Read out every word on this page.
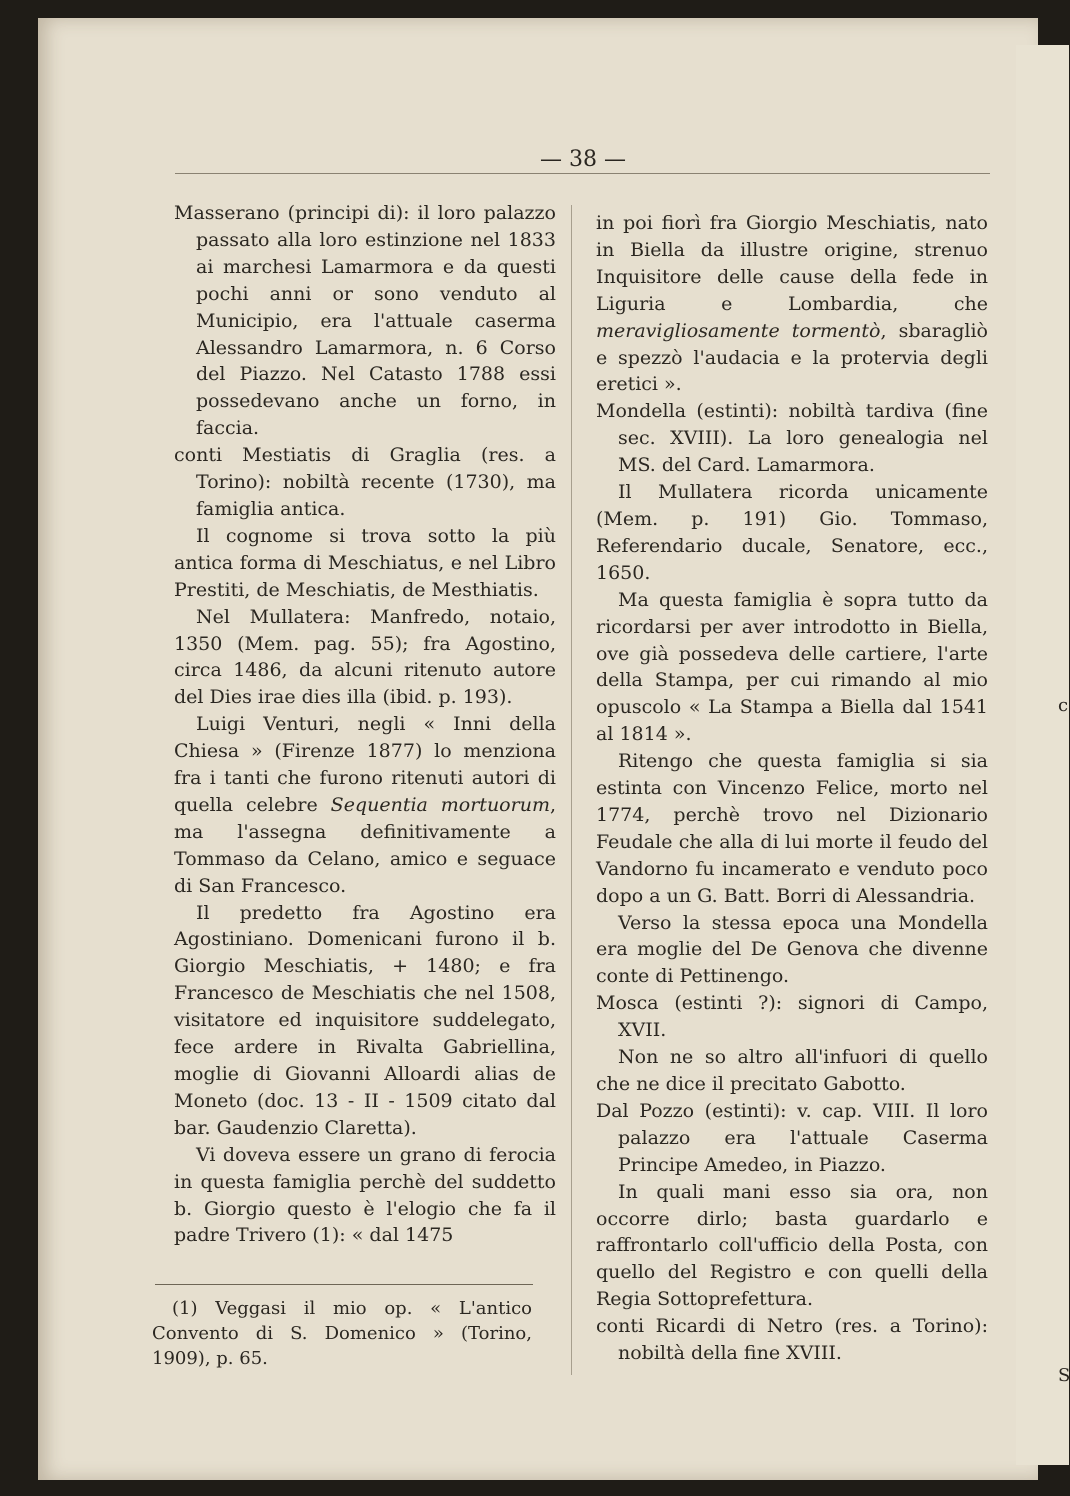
c
S
— 38 —

Masserano (principi di): il loro palazzo passato alla loro estinzione nel 1833 ai marchesi Lamarmora e da questi pochi anni or sono venduto al Municipio, era l'attuale caserma Alessandro Lamarmora, n. 6 Corso del Piazzo. Nel Catasto 1788 essi possedevano anche un forno, in faccia.

conti Mestiatis di Graglia (res. a Torino): nobiltà recente (1730), ma famiglia antica.

Il cognome si trova sotto la più antica forma di Meschiatus, e nel Libro Prestiti, de Meschiatis, de Mesthiatis.

Nel Mullatera: Manfredo, notaio, 1350 (Mem. pag. 55); fra Agostino, circa 1486, da alcuni ritenuto autore del Dies irae dies illa (ibid. p. 193).

Luigi Venturi, negli « Inni della Chiesa » (Firenze 1877) lo menziona fra i tanti che furono ritenuti autori di quella celebre Sequentia mortuorum, ma l'assegna definitivamente a Tommaso da Celano, amico e seguace di San Francesco.

Il predetto fra Agostino era Agostiniano. Domenicani furono il b. Giorgio Meschiatis, + 1480; e fra Francesco de Meschiatis che nel 1508, visitatore ed inquisitore suddelegato, fece ardere in Rivalta Gabriellina, moglie di Giovanni Alloardi alias de Moneto (doc. 13 - II - 1509 citato dal bar. Gaudenzio Claretta).

Vi doveva essere un grano di ferocia in questa famiglia perchè del suddetto b. Giorgio questo è l'elogio che fa il padre Trivero (1): « dal 1475

in poi fiorì fra Giorgio Meschiatis, nato in Biella da illustre origine, strenuo Inquisitore delle cause della fede in Liguria e Lombardia, che meravigliosamente tormentò, sbaragliò e spezzò l'audacia e la protervia degli eretici ».

Mondella (estinti): nobiltà tardiva (fine sec. XVIII). La loro genealogia nel MS. del Card. Lamarmora.

Il Mullatera ricorda unicamente (Mem. p. 191) Gio. Tommaso, Referendario ducale, Senatore, ecc., 1650.

Ma questa famiglia è sopra tutto da ricordarsi per aver introdotto in Biella, ove già possedeva delle cartiere, l'arte della Stampa, per cui rimando al mio opuscolo « La Stampa a Biella dal 1541 al 1814 ».

Ritengo che questa famiglia si sia estinta con Vincenzo Felice, morto nel 1774, perchè trovo nel Dizionario Feudale che alla di lui morte il feudo del Vandorno fu incamerato e venduto poco dopo a un G. Batt. Borri di Alessandria.

Verso la stessa epoca una Mondella era moglie del De Genova che divenne conte di Pettinengo.

Mosca (estinti ?): signori di Campo, XVII.

Non ne so altro all'infuori di quello che ne dice il precitato Gabotto.

Dal Pozzo (estinti): v. cap. VIII. Il loro palazzo era l'attuale Caserma Principe Amedeo, in Piazzo.

In quali mani esso sia ora, non occorre dirlo; basta guardarlo e raffrontarlo coll'ufficio della Posta, con quello del Registro e con quelli della Regia Sottoprefettura.

conti Ricardi di Netro (res. a Torino): nobiltà della fine XVIII.

(1) Veggasi il mio op. « L'antico Convento di S. Domenico » (Torino, 1909), p. 65.
